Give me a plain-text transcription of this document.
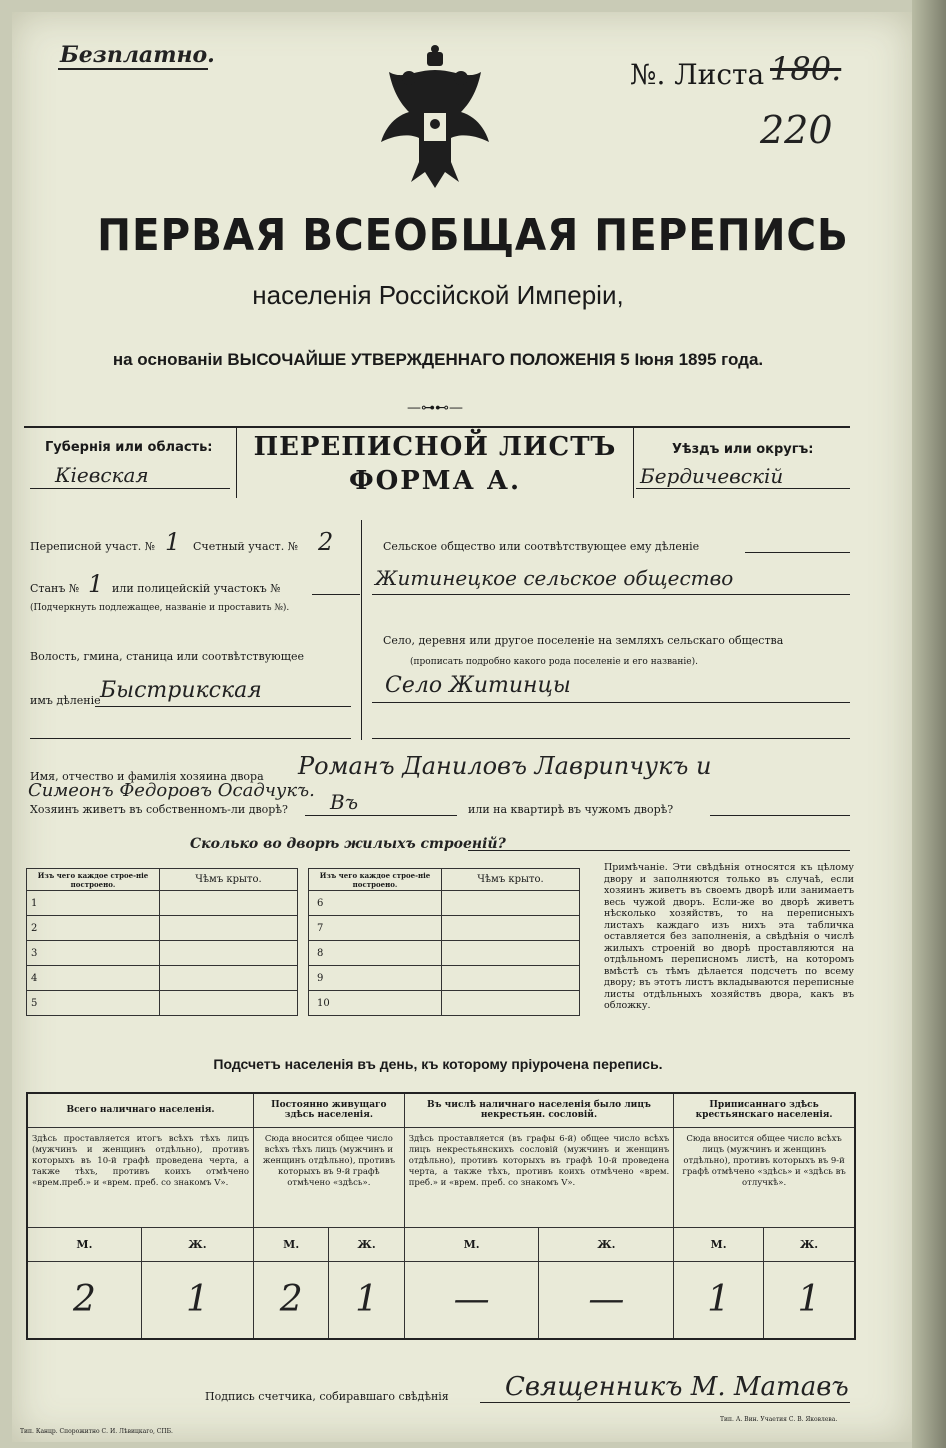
Безплатно.
№. Листа 180.
220
ПЕРВАЯ ВСЕОБЩАЯ ПЕРЕПИСЬ
населенія Россійской Имперіи,
на основаніи ВЫСОЧАЙШЕ УТВЕРЖДЕННАГО ПОЛОЖЕНІЯ 5 Іюня 1895 года.
—⊶⊷—
Губернія или область:
Кіевская
ПЕРЕПИСНОЙ ЛИСТЪ
ФОРМА А.
Уѣздъ или округъ:
Бердичевскій
Переписной участ. № 1 Счетный участ. № 2
Станъ № 1 или полицейскій участокъ №
(Подчеркнуть подлежащее, названіе и проставить №).
Волость, гмина, станица или соотвѣтствующее
имъ дѣленіе Быстрикская
Сельское общество или соотвѣтствующее ему дѣленіе
Житинецкое сельское общество
Село, деревня или другое поселеніе на земляхъ сельскаго общества
(прописать подробно какого рода поселеніе и его названіе).
Село Житинцы
Имя, отчество и фамилія хозяина двора Романъ Даниловъ Лаврипчукъ и
Симеонъ Федоровъ Осадчукъ.
Хозяинъ живетъ въ собственномъ-ли дворѣ? Въ	или на квартирѣ въ чужомъ дворѣ?
Сколько во дворѣ жилыхъ строеній?
Изъ чего каждое строе-ніе построено.	Чѣмъ крыто.
1	
2	
3	
4	
5	
Изъ чего каждое строе-ніе построено.	Чѣмъ крыто.
6	
7	
8	
9	
10	
Примѣчаніе. Эти свѣдѣнія относятся къ цѣлому двору и заполняются только въ случаѣ, если хозяинъ живетъ въ своемъ дворѣ или занимаетъ весь чужой дворъ. Если-же во дворѣ живетъ нѣсколько хозяйствъ, то на переписныхъ листахъ каждаго изъ нихъ эта табличка оставляется без заполненія, а свѣдѣнія о числѣ жилыхъ строеній во дворѣ проставляются на отдѣльномъ переписномъ листѣ, на которомъ вмѣстѣ съ тѣмъ дѣлается подсчетъ по всему двору; въ этотъ листъ вкладываются переписные листы отдѣльныхъ хозяйствъ двора, какъ въ обложку.
Подсчетъ населенія въ день, къ которому пріурочена перепись.
Всего наличнаго населенія.		Постоянно живущаго здѣсь населенія.		Въ числѣ наличнаго населенія было лицъ некрестьян. сословій.		Приписаннаго здѣсь крестьянскаго населенія.	
Здѣсь проставляется итогъ всѣхъ тѣхъ лицъ (мужчинъ и женщинъ отдѣльно), противъ которыхъ въ 10-й графѣ проведена черта, а также тѣхъ, противъ коихъ отмѣчено «врем.преб.» и «врем. преб. со знакомъ V».		Сюда вносится общее число всѣхъ тѣхъ лицъ (мужчинъ и женщинъ отдѣльно), противъ которыхъ въ 9-й графѣ отмѣчено «здѣсь».		Здѣсь проставляется (въ графы 6-й) общее число всѣхъ лицъ некрестьянскихъ сословій (мужчинъ и женщинъ отдѣльно), противъ которыхъ въ графѣ 10-й проведена черта, а также тѣхъ, противъ коихъ отмѣчено «врем. преб.» и «врем. преб. со знакомъ V».		Сюда вносится общее число всѣхъ лицъ (мужчинъ и женщинъ отдѣльно), противъ которыхъ въ 9-й графѣ отмѣчено «здѣсь» и «здѣсь въ отлучкѣ».	
М.	Ж.	М.	Ж.	М.	Ж.	М.	Ж.
2	1	2	1	—	—	1	1
Подпись счетчика, собиравшаго свѣдѣнія Священникъ М. Матавъ
Тип. Канцр. Спорожитно С. И. Лѣвицкаго, СПБ.
Тип. А. Вин. Учаетия С. В. Яковлева.
